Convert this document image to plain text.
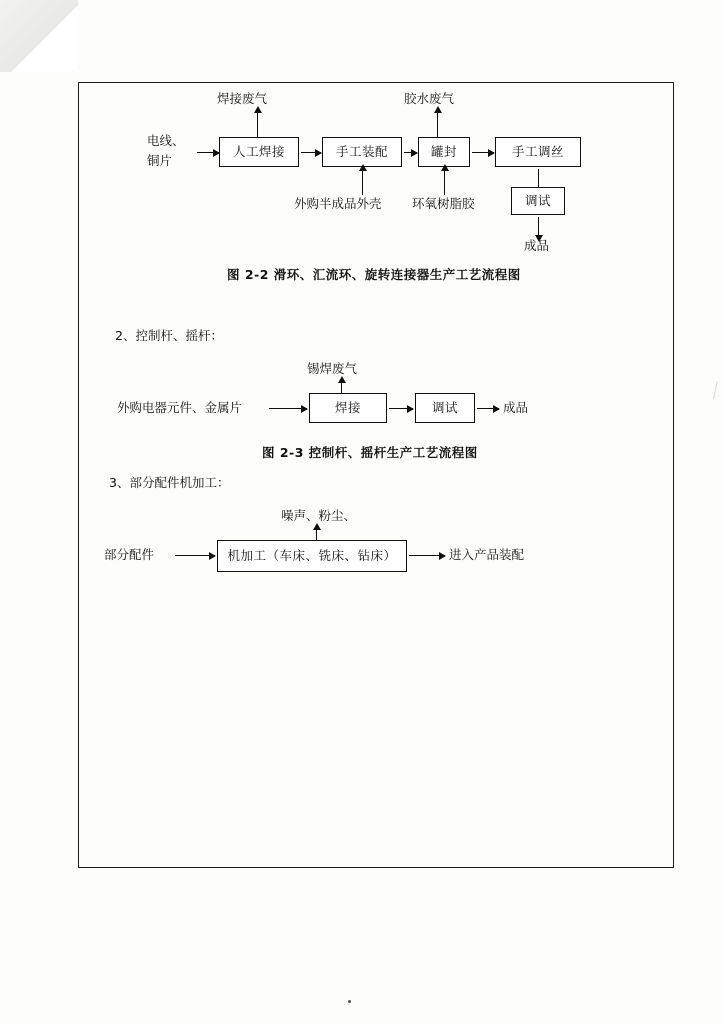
焊接废气	胶水废气
电线、
铜片
人工焊接	手工装配	罐封	手工调丝
调试
成品
外购半成品外壳 环氧树脂胶
图 2-2 滑环、汇流环、旋转连接器生产工艺流程图
2、控制杆、摇杆：
锡焊废气
外购电器元件、金属片	焊接	调试	成品
图 2-3 控制杆、摇杆生产工艺流程图
3、部分配件机加工：
噪声、粉尘、
部分配件	机加工（车床、铣床、钻床）	进入产品装配
